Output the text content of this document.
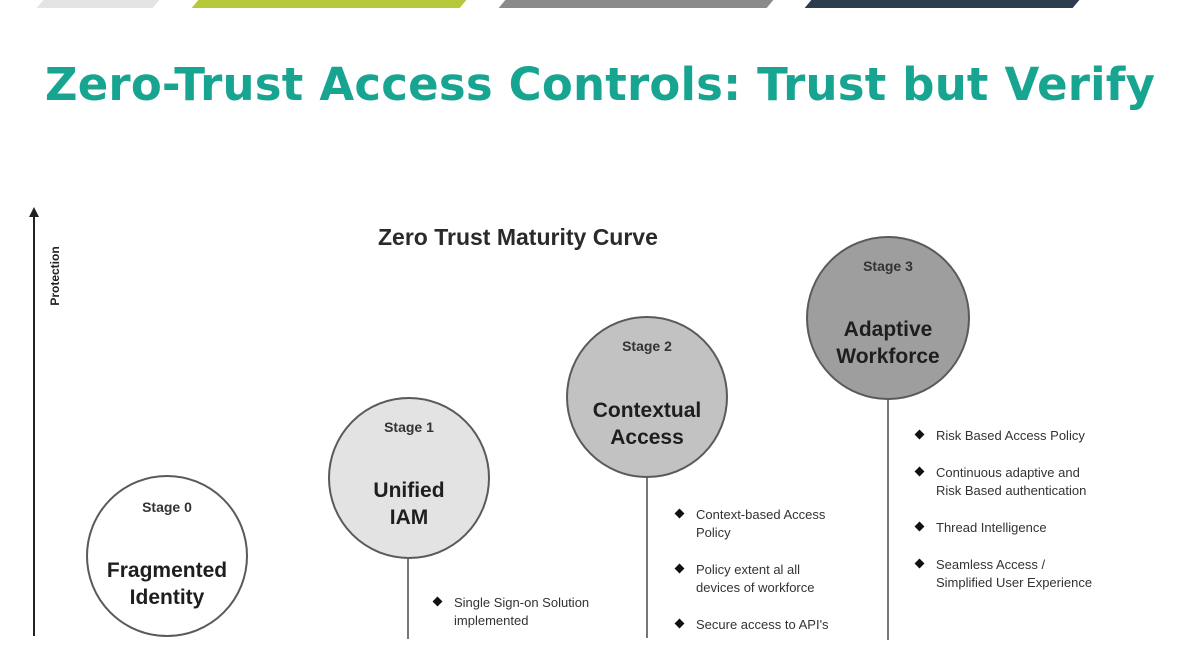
Zero-Trust Access Controls: Trust but Verify
Protection
Zero Trust Maturity Curve
Stage 0
Fragmented
Identity
Stage 1
Unified
IAM
Stage 2
Contextual
Access
Stage 3
Adaptive
Workforce
Single Sign-on Solution
implemented
Context-based Access
Policy
Policy extent al all
devices of workforce
Secure access to API's
Risk Based Access Policy
Continuous adaptive and
Risk Based authentication
Thread Intelligence
Seamless Access /
Simplified User Experience
